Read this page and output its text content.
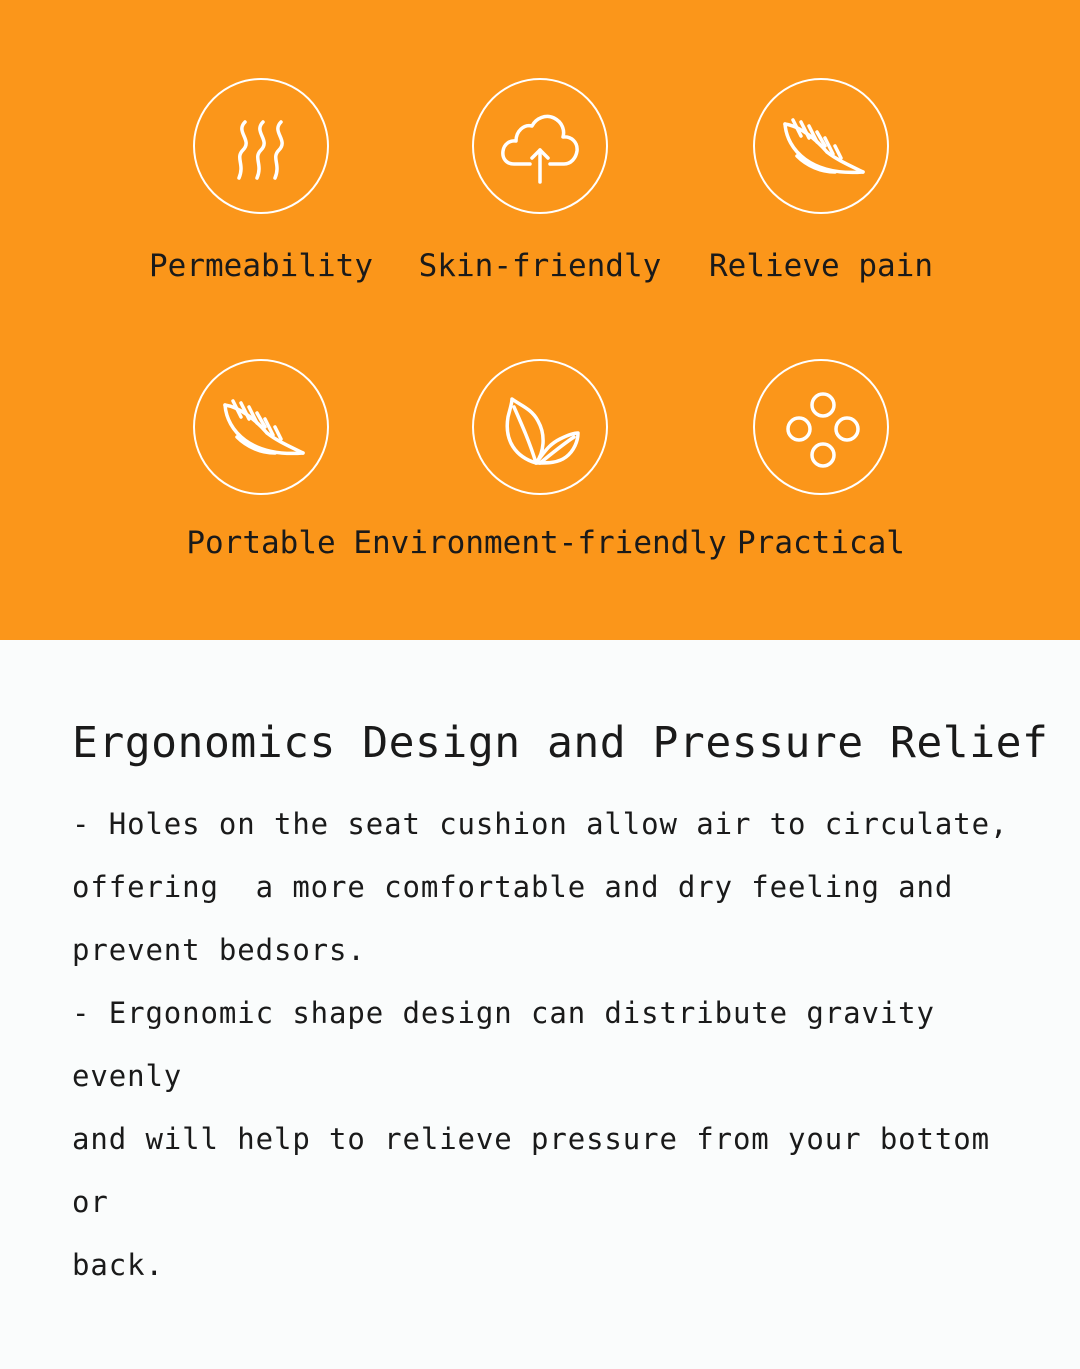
Permeability	Skin-friendly	Relieve pain
Portable Environment-friendly Practical
Ergonomics Design and Pressure Relief
- Holes on the seat cushion allow air to circulate,
offering  a more comfortable and dry feeling and
prevent bedsors.
- Ergonomic shape design can distribute gravity evenly
and will help to relieve pressure from your bottom or
back.
